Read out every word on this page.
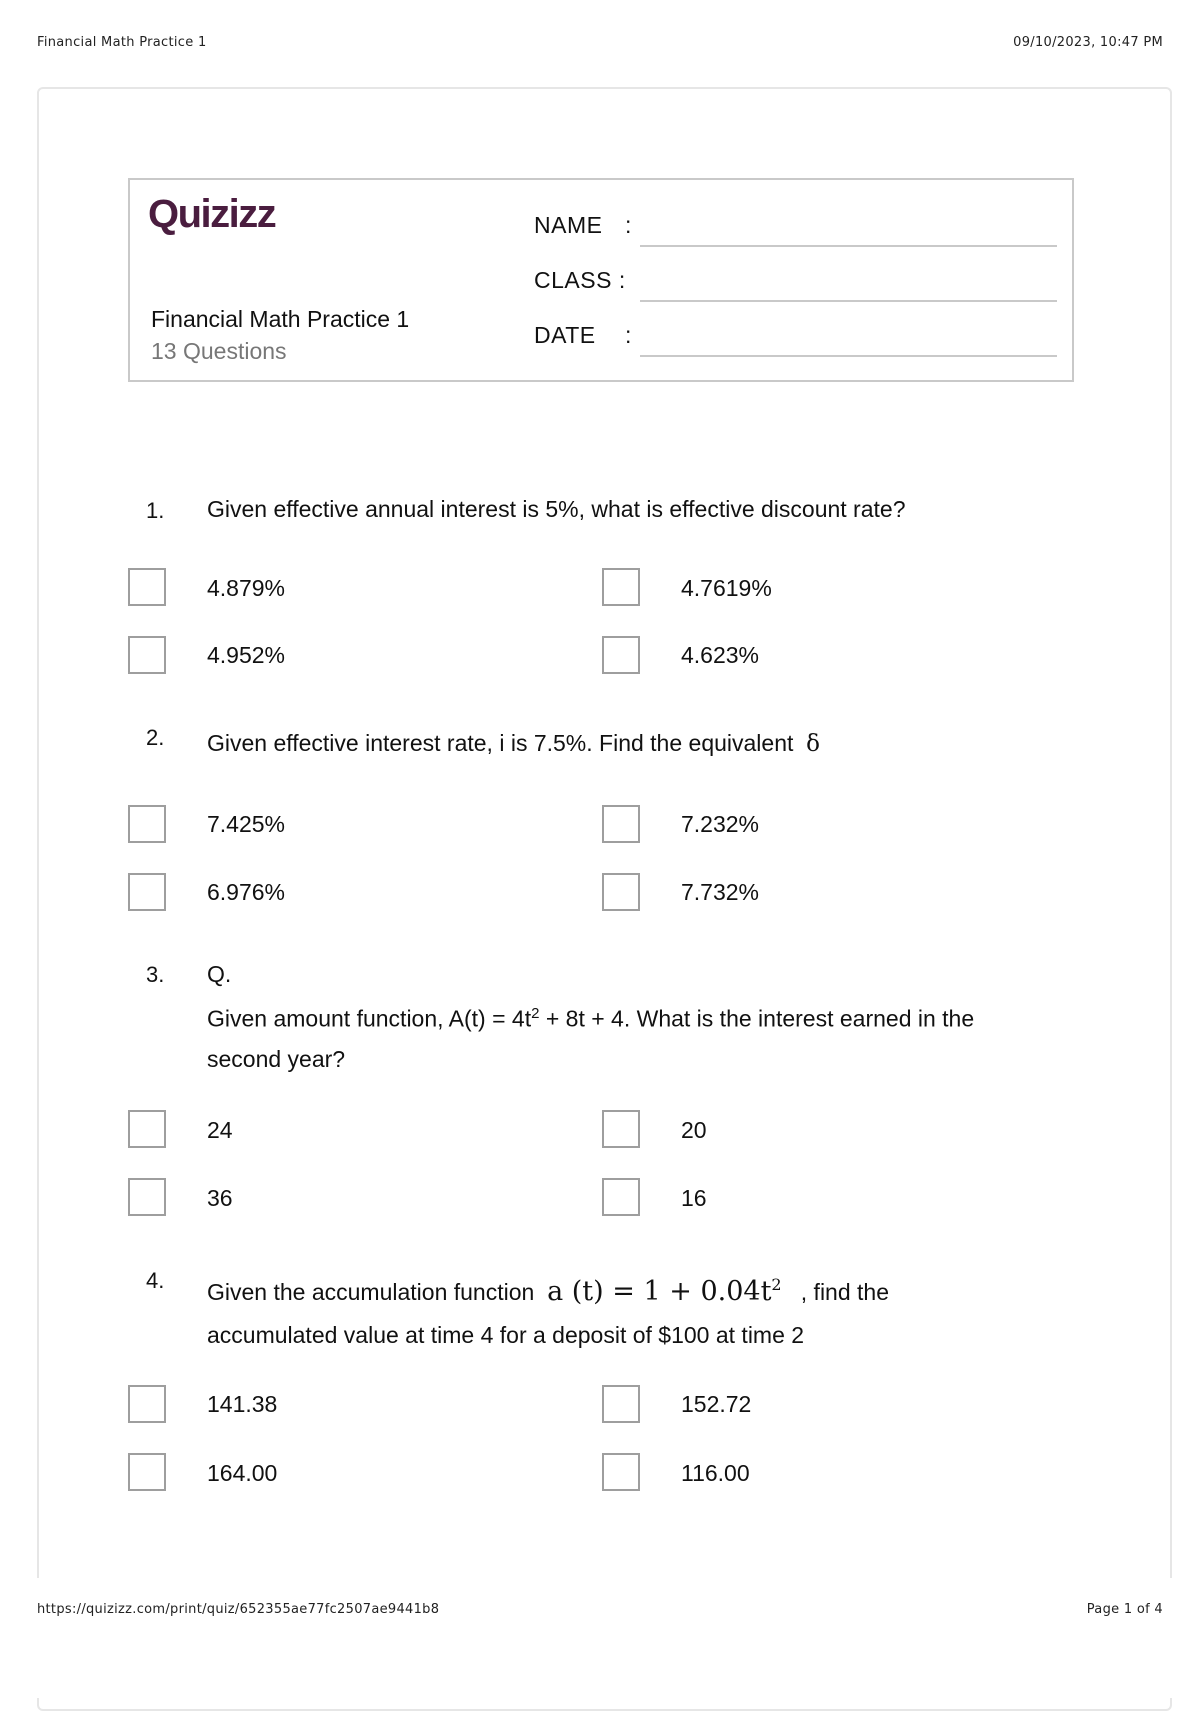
Financial Math Practice 1	09/10/2023, 10:47 PM
Quizizz
Financial Math Practice 1
13 Questions
NAME :
CLASS :
DATE :
1. Given effective annual interest is 5%, what is effective discount rate?
4.879%	4.7619%
4.952%	4.623%
2. Given effective interest rate, i is 7.5%. Find the equivalent δ
7.425%	7.232%
6.976%	7.732%
3. Q.
Given amount function, $A(t) = 4t^2 + 8t + 4$. What is the interest earned in the
second year?
24	20
36	16
4. Given the accumulation function a $(t) = 1 + 0.04t^2$ , find the
accumulated value at time 4 for a deposit of $100 at time 2
141.38	152.72
164.00	116.00
https://quizizz.com/print/quiz/652355ae77fc2507ae9441b8	Page 1 of 4
